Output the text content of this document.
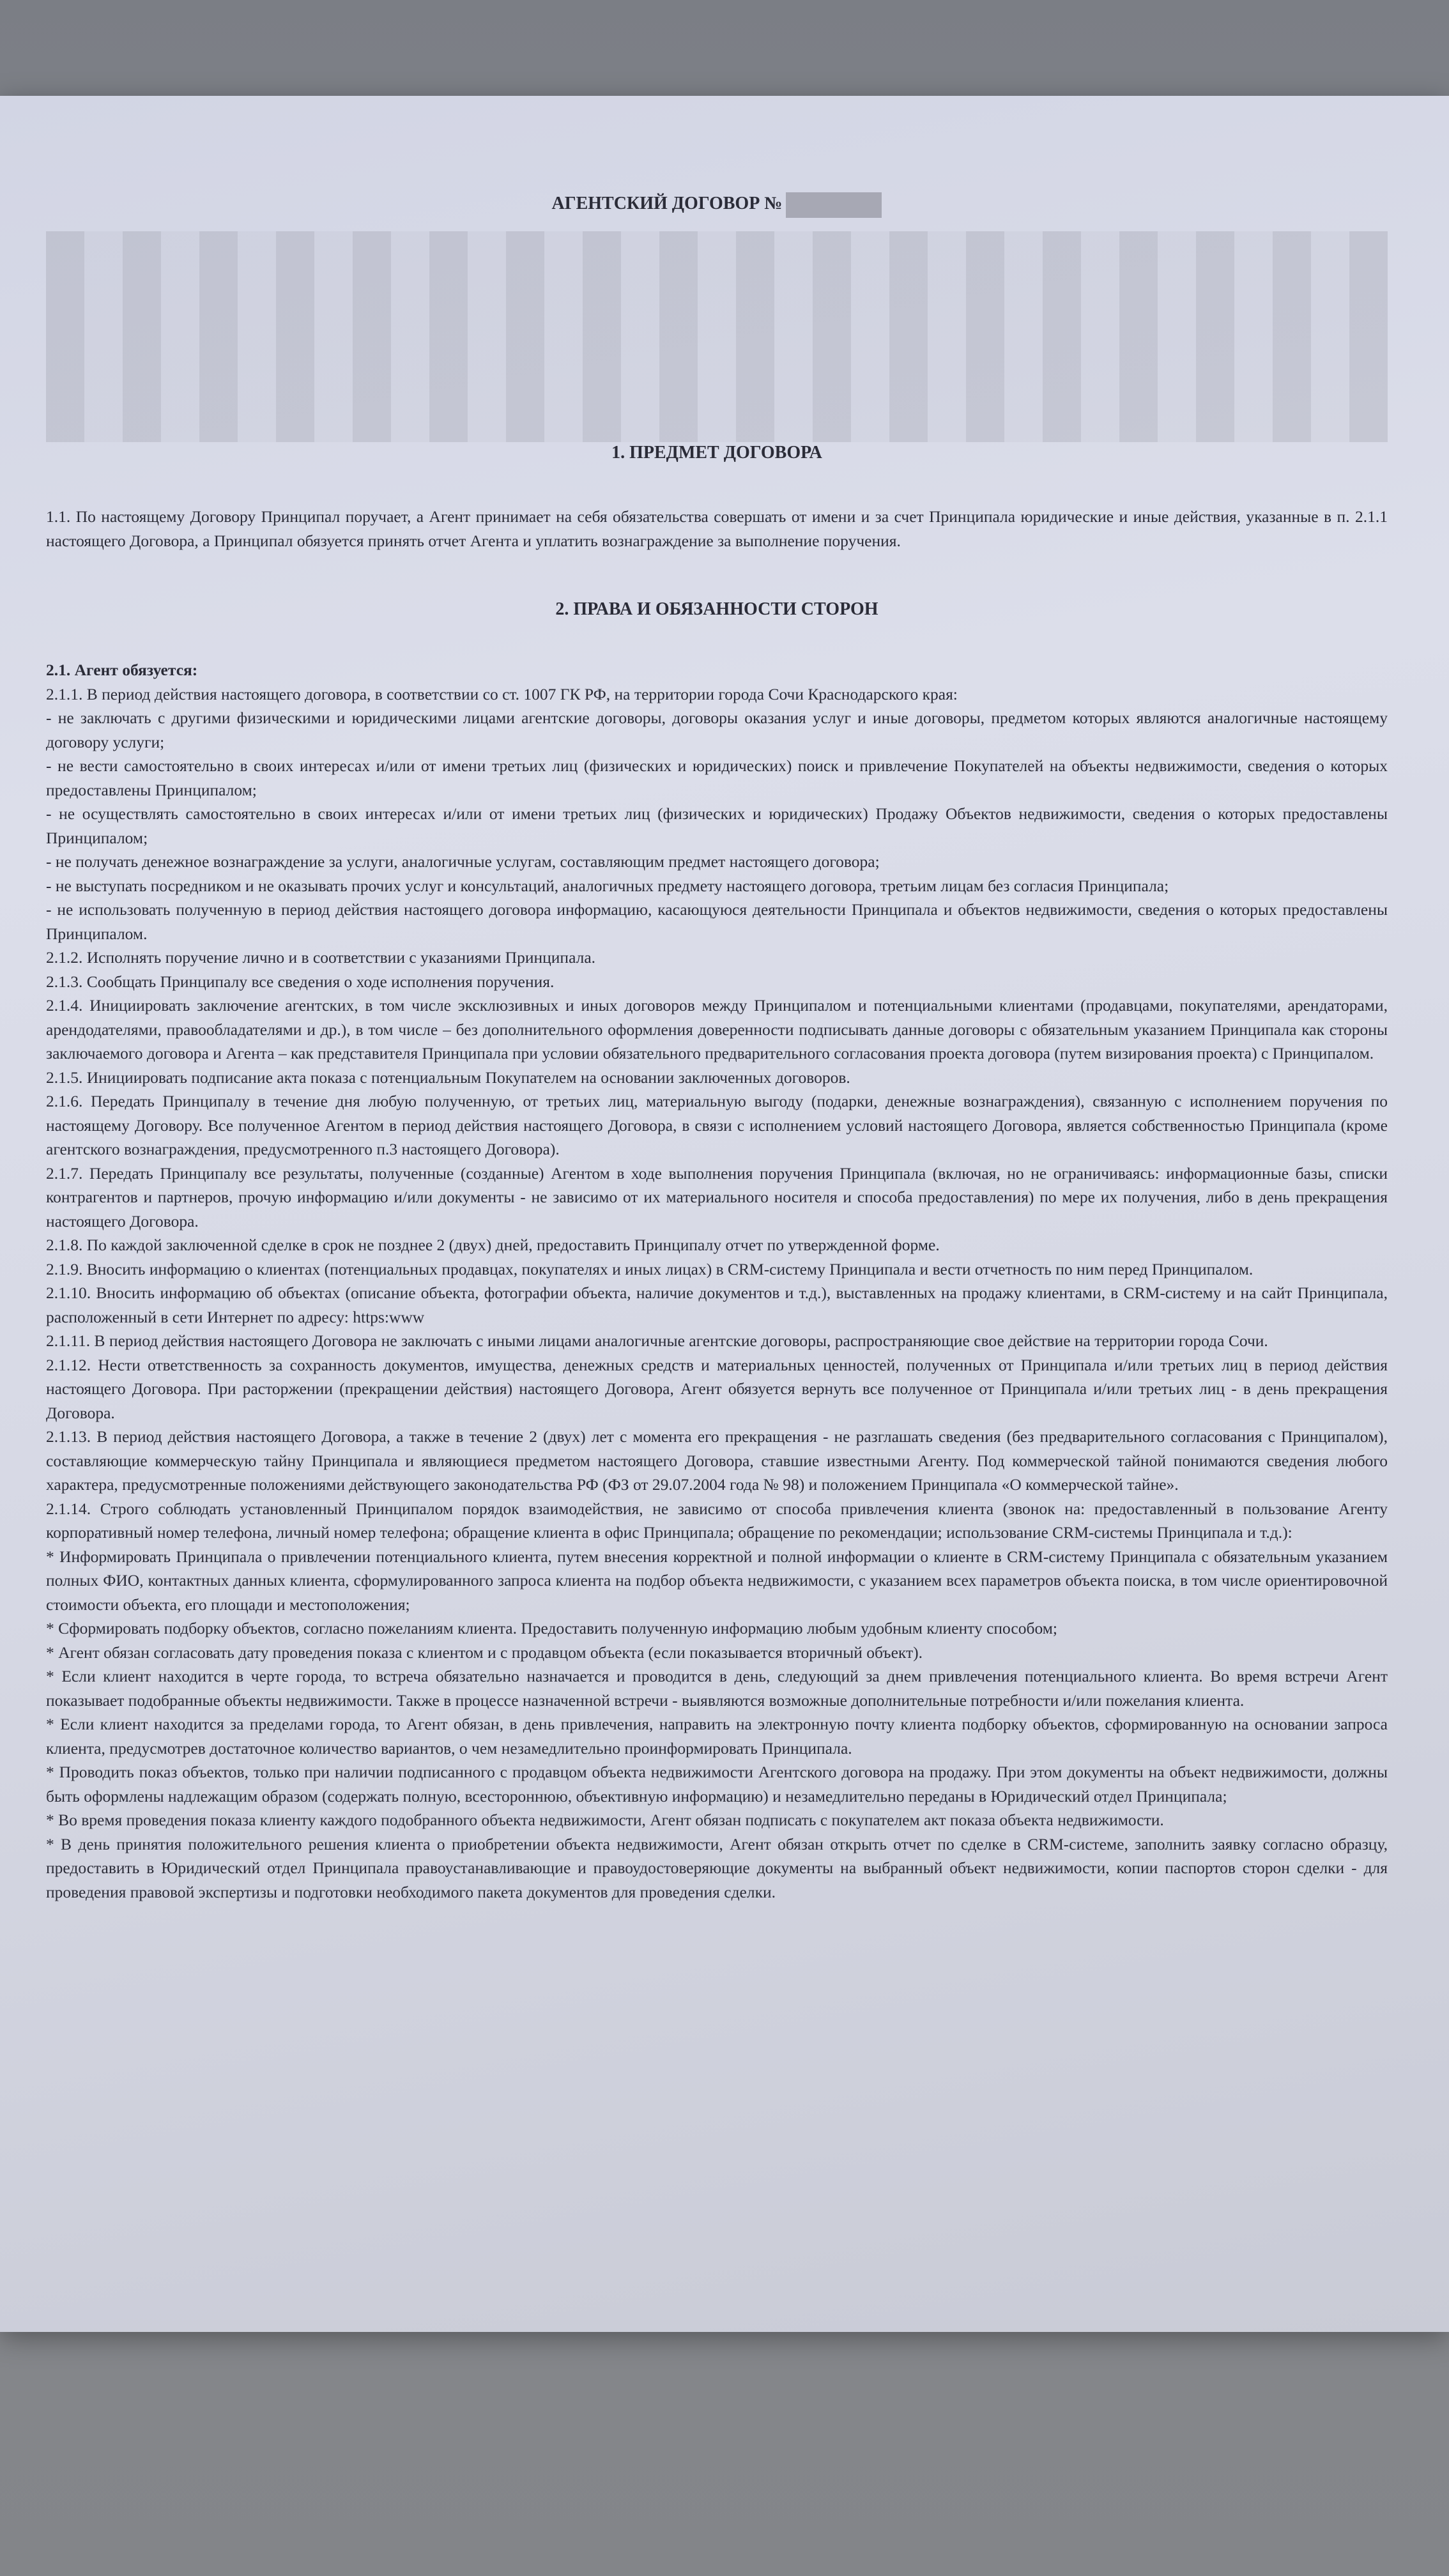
АГЕНТСКИЙ ДОГОВОР №
1. ПРЕДМЕТ ДОГОВОРА
1.1. По настоящему Договору Принципал поручает, а Агент принимает на себя обязательства совершать от имени и за счет Принципала юридические и иные действия, указанные в п. 2.1.1 настоящего Договора, а Принципал обязуется принять отчет Агента и уплатить вознаграждение за выполнение поручения.
2. ПРАВА И ОБЯЗАННОСТИ СТОРОН
2.1. Агент обязуется:
2.1.1. В период действия настоящего договора, в соответствии со ст. 1007 ГК РФ, на территории города Сочи Краснодарского края:
- не заключать с другими физическими и юридическими лицами агентские договоры, договоры оказания услуг и иные договоры, предметом которых являются аналогичные настоящему договору услуги;
- не вести самостоятельно в своих интересах и/или от имени третьих лиц (физических и юридических) поиск и привлечение Покупателей на объекты недвижимости, сведения о которых предоставлены Принципалом;
- не осуществлять самостоятельно в своих интересах и/или от имени третьих лиц (физических и юридических) Продажу Объектов недвижимости, сведения о которых предоставлены Принципалом;
- не получать денежное вознаграждение за услуги, аналогичные услугам, составляющим предмет настоящего договора;
- не выступать посредником и не оказывать прочих услуг и консультаций, аналогичных предмету настоящего договора, третьим лицам без согласия Принципала;
- не использовать полученную в период действия настоящего договора информацию, касающуюся деятельности Принципала и объектов недвижимости, сведения о которых предоставлены Принципалом.
2.1.2. Исполнять поручение лично и в соответствии с указаниями Принципала.
2.1.3. Сообщать Принципалу все сведения о ходе исполнения поручения.
2.1.4. Инициировать заключение агентских, в том числе эксклюзивных и иных договоров между Принципалом и потенциальными клиентами (продавцами, покупателями, арендаторами, арендодателями, правообладателями и др.), в том числе – без дополнительного оформления доверенности подписывать данные договоры с обязательным указанием Принципала как стороны заключаемого договора и Агента – как представителя Принципала при условии обязательного предварительного согласования проекта договора (путем визирования проекта) с Принципалом.
2.1.5. Инициировать подписание акта показа с потенциальным Покупателем на основании заключенных договоров.
2.1.6. Передать Принципалу в течение дня любую полученную, от третьих лиц, материальную выгоду (подарки, денежные вознаграждения), связанную с исполнением поручения по настоящему Договору. Все полученное Агентом в период действия настоящего Договора, в связи с исполнением условий настоящего Договора, является собственностью Принципала (кроме агентского вознаграждения, предусмотренного п.3 настоящего Договора).
2.1.7. Передать Принципалу все результаты, полученные (созданные) Агентом в ходе выполнения поручения Принципала (включая, но не ограничиваясь: информационные базы, списки контрагентов и партнеров, прочую информацию и/или документы - не зависимо от их материального носителя и способа предоставления) по мере их получения, либо в день прекращения настоящего Договора.
2.1.8. По каждой заключенной сделке в срок не позднее 2 (двух) дней, предоставить Принципалу отчет по утвержденной форме.
2.1.9. Вносить информацию о клиентах (потенциальных продавцах, покупателях и иных лицах) в CRM-систему Принципала и вести отчетность по ним перед Принципалом.
2.1.10. Вносить информацию об объектах (описание объекта, фотографии объекта, наличие документов и т.д.), выставленных на продажу клиентами, в CRM-систему и на сайт Принципала, расположенный в сети Интернет по адресу: https:www
2.1.11. В период действия настоящего Договора не заключать с иными лицами аналогичные агентские договоры, распространяющие свое действие на территории города Сочи.
2.1.12. Нести ответственность за сохранность документов, имущества, денежных средств и материальных ценностей, полученных от Принципала и/или третьих лиц в период действия настоящего Договора. При расторжении (прекращении действия) настоящего Договора, Агент обязуется вернуть все полученное от Принципала и/или третьих лиц - в день прекращения Договора.
2.1.13. В период действия настоящего Договора, а также в течение 2 (двух) лет с момента его прекращения - не разглашать сведения (без предварительного согласования с Принципалом), составляющие коммерческую тайну Принципала и являющиеся предметом настоящего Договора, ставшие известными Агенту. Под коммерческой тайной понимаются сведения любого характера, предусмотренные положениями действующего законодательства РФ (ФЗ от 29.07.2004 года № 98) и положением Принципала «О коммерческой тайне».
2.1.14. Строго соблюдать установленный Принципалом порядок взаимодействия, не зависимо от способа привлечения клиента (звонок на: предоставленный в пользование Агенту корпоративный номер телефона, личный номер телефона; обращение клиента в офис Принципала; обращение по рекомендации; использование CRM-системы Принципала и т.д.):
* Информировать Принципала о привлечении потенциального клиента, путем внесения корректной и полной информации о клиенте в CRM-систему Принципала с обязательным указанием полных ФИО, контактных данных клиента, сформулированного запроса клиента на подбор объекта недвижимости, с указанием всех параметров объекта поиска, в том числе ориентировочной стоимости объекта, его площади и местоположения;
* Сформировать подборку объектов, согласно пожеланиям клиента. Предоставить полученную информацию любым удобным клиенту способом;
* Агент обязан согласовать дату проведения показа с клиентом и с продавцом объекта (если показывается вторичный объект).
* Если клиент находится в черте города, то встреча обязательно назначается и проводится в день, следующий за днем привлечения потенциального клиента. Во время встречи Агент показывает подобранные объекты недвижимости. Также в процессе назначенной встречи - выявляются возможные дополнительные потребности и/или пожелания клиента.
* Если клиент находится за пределами города, то Агент обязан, в день привлечения, направить на электронную почту клиента подборку объектов, сформированную на основании запроса клиента, предусмотрев достаточное количество вариантов, о чем незамедлительно проинформировать Принципала.
* Проводить показ объектов, только при наличии подписанного с продавцом объекта недвижимости Агентского договора на продажу. При этом документы на объект недвижимости, должны быть оформлены надлежащим образом (содержать полную, всестороннюю, объективную информацию) и незамедлительно переданы в Юридический отдел Принципала;
* Во время проведения показа клиенту каждого подобранного объекта недвижимости, Агент обязан подписать с покупателем акт показа объекта недвижимости.
* В день принятия положительного решения клиента о приобретении объекта недвижимости, Агент обязан открыть отчет по сделке в CRM-системе, заполнить заявку согласно образцу, предоставить в Юридический отдел Принципала правоустанавливающие и правоудостоверяющие документы на выбранный объект недвижимости, копии паспортов сторон сделки - для проведения правовой экспертизы и подготовки необходимого пакета документов для проведения сделки.
